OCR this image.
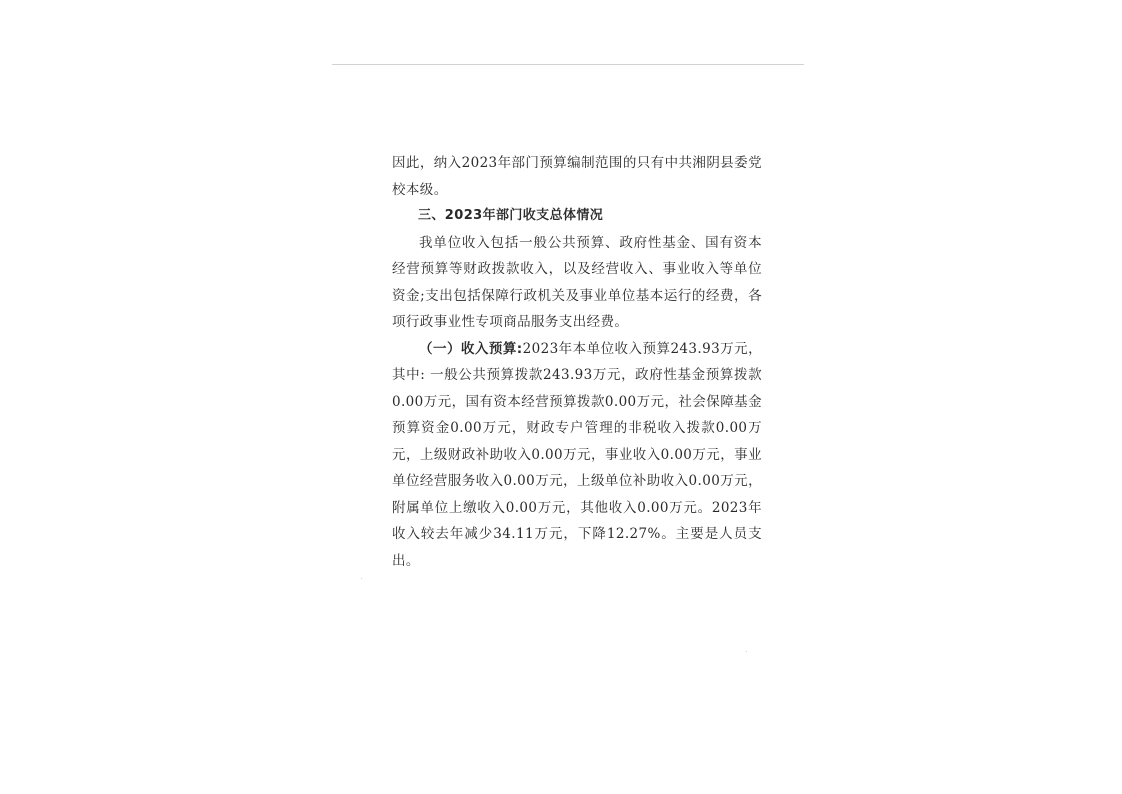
因此，纳入2023年部门预算编制范围的只有中共湘阴县委党校本级。

三、2023年部门收支总体情况

我单位收入包括一般公共预算、政府性基金、国有资本经营预算等财政拨款收入，以及经营收入、事业收入等单位资金;支出包括保障行政机关及事业单位基本运行的经费，各项行政事业性专项商品服务支出经费。

（一）收入预算:2023年本单位收入预算243.93万元，其中: 一般公共预算拨款243.93万元，政府性基金预算拨款0.00万元，国有资本经营预算拨款0.00万元，社会保障基金预算资金0.00万元，财政专户管理的非税收入拨款0.00万元，上级财政补助收入0.00万元，事业收入0.00万元，事业单位经营服务收入0.00万元，上级单位补助收入0.00万元，附属单位上缴收入0.00万元，其他收入0.00万元。2023年收入较去年减少34.11万元，下降12.27%。主要是人员支出。
